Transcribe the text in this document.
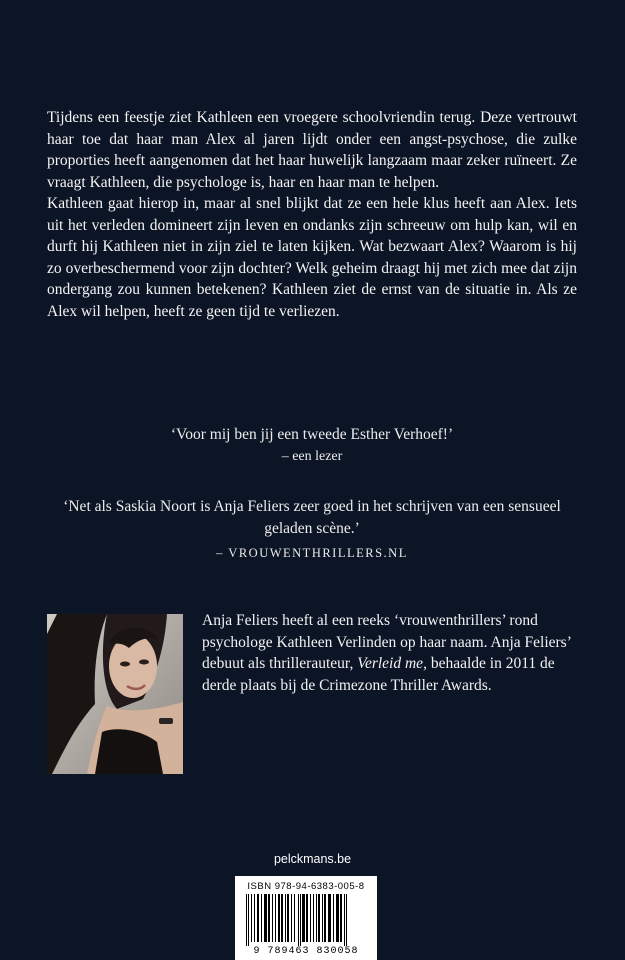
Tijdens een feestje ziet Kathleen een vroegere schoolvriendin terug. Deze vertrouwt haar toe dat haar man Alex al jaren lijdt onder een angst-psychose, die zulke proporties heeft aangenomen dat het haar huwelijk langzaam maar zeker ruïneert. Ze vraagt Kathleen, die psychologe is, haar en haar man te helpen.

Kathleen gaat hierop in, maar al snel blijkt dat ze een hele klus heeft aan Alex. Iets uit het verleden domineert zijn leven en ondanks zijn schreeuw om hulp kan, wil en durft hij Kathleen niet in zijn ziel te laten kijken. Wat bezwaart Alex? Waarom is hij zo overbeschermend voor zijn dochter? Welk geheim draagt hij met zich mee dat zijn ondergang zou kunnen betekenen? Kathleen ziet de ernst van de situatie in. Als ze Alex wil helpen, heeft ze geen tijd te verliezen.

‘Voor mij ben jij een tweede Esther Verhoef!’
– een lezer
‘Net als Saskia Noort is Anja Feliers zeer goed in het schrijven van een sensueel geladen scène.’
– VROUWENTHRILLERS.NL
Anja Feliers heeft al een reeks ‘vrouwenthrillers’ rond psychologe Kathleen Verlinden op haar naam. Anja Feliers’ debuut als thrillerauteur, Verleid me, behaalde in 2011 de derde plaats bij de Crimezone Thriller Awards.
pelckmans.be
ISBN 978-94-6383-005-8
9 789463 830058
